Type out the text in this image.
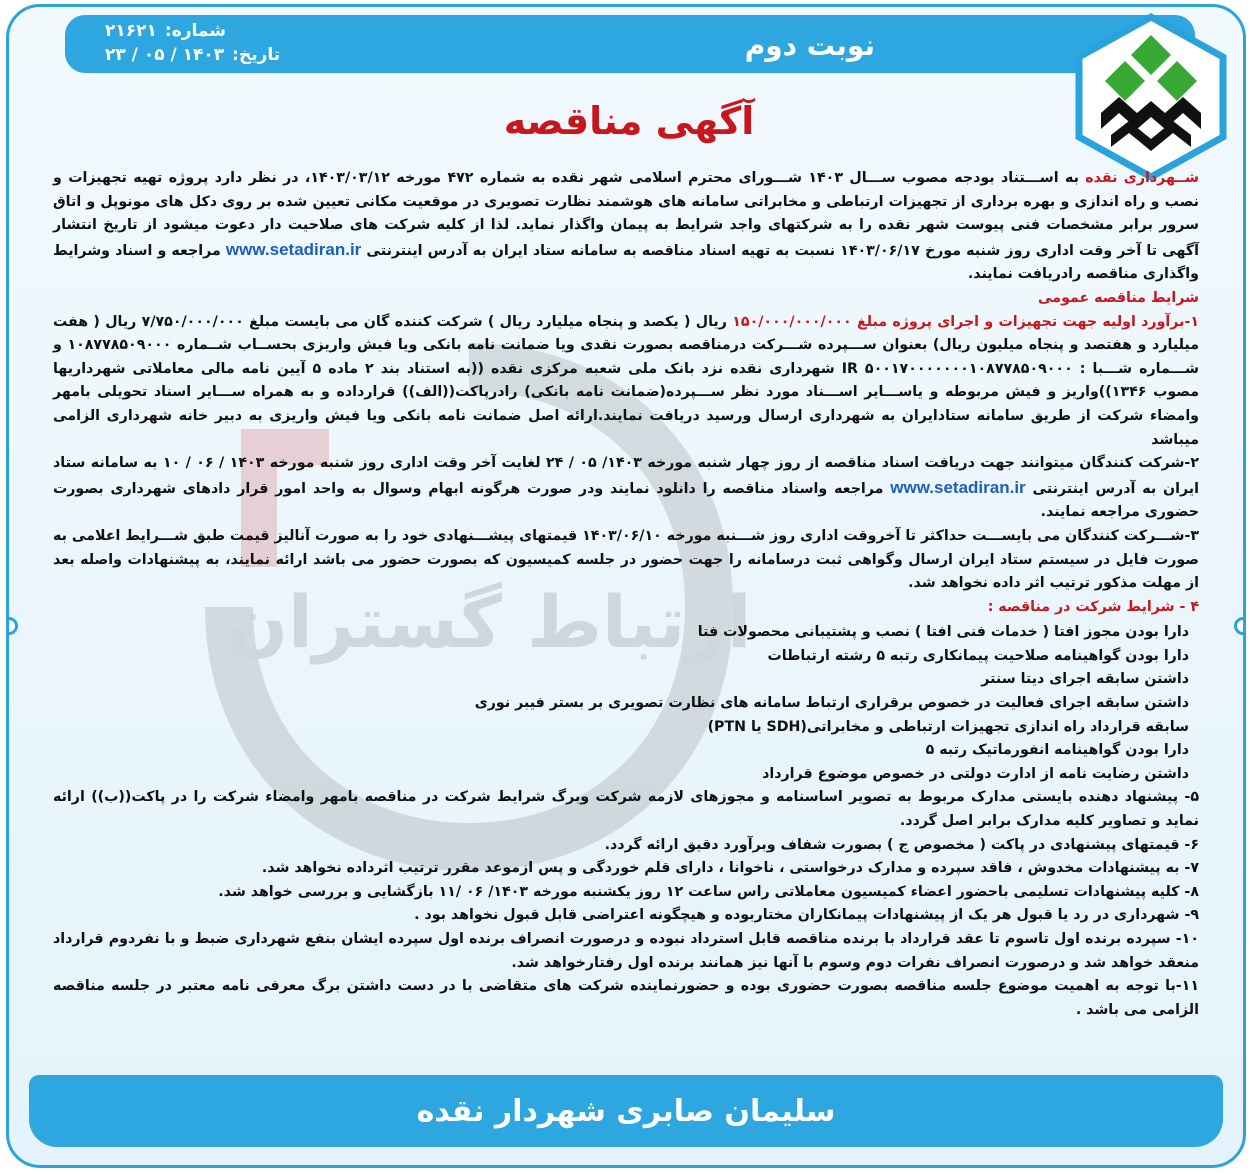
نوبت دوم
شماره:
۲۱۶۲۱
تاریخ:
۱۴۰۳ / ۰۵ / ۲۳
آگهی مناقصه
ارتباط گستران

شــهرداری نقده به اســـتناد بودجه مصوب ســـال ۱۴۰۳ شـــورای محترم اسلامی شهر نقده به شماره ۴۷۲ مورخه ۱۴۰۳/۰۳/۱۲، در نظر دارد پروژه تهیه تجهیزات و نصب و راه اندازی و بهره برداری از تجهیزات ارتباطی و مخابراتی سامانه های هوشمند نظارت تصویری در موقعیت مکانی تعیین شده بر روی دکل های مونوپل و اتاق سرور برابر مشخصات فنی پیوست شهر نقده را به شرکتهای واجد شرایط به پیمان واگذار نماید. لذا از کلیه شرکت های صلاحیت دار دعوت میشود از تاریخ انتشار آگهی تا آخر وقت اداری روز شنبه مورخ ۱۴۰۳/۰۶/۱۷ نسبت به تهیه اسناد مناقصه به سامانه ستاد ایران به آدرس اینترنتی www.setadiran.ir مراجعه و اسناد وشرایط واگذاری مناقصه رادریافت نمایند.

شرایط مناقصه عمومی

۱-برآورد اولیه جهت تجهیزات و اجرای پروژه مبلغ ۱۵۰/۰۰۰/۰۰۰/۰۰۰ ریال ( یکصد و پنجاه میلیارد ریال ) شرکت کننده گان می بایست مبلغ ۷/۷۵۰/۰۰۰/۰۰۰ ریال ( هفت میلیارد و هفتصد و پنجاه میلیون ریال) بعنوان ســـپرده شـــرکت درمناقصه بصورت نقدی ویا ضمانت نامه بانکی ویا فیش واریزی بحســاب شــماره ۱۰۸۷۷۸۵۰۹۰۰۰ و شـــماره شـــبا : IR ۵۰۰۱۷۰۰۰۰۰۰۰۱۰۸۷۷۸۵۰۹۰۰۰ شهرداری نقده نزد بانک ملی شعبه مرکزی نقده ((به استناد بند ۲ ماده ۵ آیین نامه مالی معاملاتی شهرداریها مصوب ۱۳۴۶))واریز و فیش مربوطه و یاســـایر اســـناد مورد نظر ســـپرده(ضمانت نامه بانکی) رادرپاکت((الف)) قرارداده و به همراه ســـایر اسناد تحویلی بامهر وامضاء شرکت از طریق سامانه ستادایران به شهرداری ارسال ورسید دریافت نمایند.ارائه اصل ضمانت نامه بانکی ویا فیش واریزی به دبیر خانه شهرداری الزامی میباشد

۲-شرکت کنندگان میتوانند جهت دریافت اسناد مناقصه از روز چهار شنبه مورخه ۱۴۰۳/ ۰۵ / ۲۴ لغایت آخر وقت اداری روز شنبه مورخه ۱۴۰۳ / ۰۶ / ۱۰ به سامانه ستاد ایران به آدرس اینترنتی www.setadiran.ir مراجعه واسناد مناقصه را دانلود نمایند ودر صورت هرگونه ابهام وسوال به واحد امور قرار دادهای شهرداری بصورت حضوری مراجعه نمایند.

۳-شـــرکت کنندگان می بایســـت حداکثر تا آخروقت اداری روز شـــنبه مورخه ۱۴۰۳/۰۶/۱۰ قیمتهای پیشـــنهادی خود را به صورت آنالیز قیمت طبق شـــرایط اعلامی به صورت فایل در سیستم ستاد ایران ارسال وگواهی ثبت درسامانه را جهت حضور در جلسه کمیسیون که بصورت حضور می باشد ارائه نمایند، به پیشنهادات واصله بعد از مهلت مذکور ترتیب اثر داده نخواهد شد.

۴ - شرایط شرکت در مناقصه :

دارا بودن مجوز افتا ( خدمات فنی افتا ) نصب و پشتیبانی محصولات فتا

دارا بودن گواهینامه صلاحیت پیمانکاری رتبه ۵ رشته ارتباطات

داشتن سابقه اجرای دیتا سنتر

داشتن سابقه اجرای فعالیت در خصوص برقراری ارتباط سامانه های نظارت تصویری بر بستر فیبر نوری

سابقه قرارداد راه اندازی تجهیزات ارتباطی و مخابراتی(SDH یا PTN)

دارا بودن گواهینامه انفورماتیک رتبه ۵

داشتن رضایت نامه از ادارت دولتی در خصوص موضوع قرارداد

۵- پیشنهاد دهنده بایستی مدارک مربوط به تصویر اساسنامه و مجوزهای لازمه شرکت وبرگ شرایط شرکت در مناقصه بامهر وامضاء شرکت را در پاکت((ب)) ارائه نماید و تصاویر کلیه مدارک برابر اصل گردد.

۶- قیمتهای پیشنهادی در پاکت ( مخصوص ج ) بصورت شفاف وبرآورد دقیق ارائه گردد.

۷- به پیشنهادات مخدوش ، فاقد سپرده و مدارک درخواستی ، ناخوانا ، دارای قلم خوردگی و پس ازموعد مقرر ترتیب اثرداده نخواهد شد.

۸- کلیه پیشنهادات تسلیمی باحضور اعضاء کمیسیون معاملاتی راس ساعت ۱۲ روز یکشنبه مورخه ۱۴۰۳/ ۰۶ /۱۱ بازگشایی و بررسی خواهد شد.

۹- شهرداری در رد یا قبول هر یک از پیشنهادات پیمانکاران مختاربوده و هیچگونه اعتراضی قابل قبول نخواهد بود .

۱۰- سپرده برنده اول تاسوم تا عقد قرارداد با برنده مناقصه قابل استرداد نبوده و درصورت انصراف برنده اول سپرده ایشان بنفع شهرداری ضبط و با نفردوم قرارداد منعقد خواهد شد و درصورت انصراف نفرات دوم وسوم با آنها نیز همانند برنده اول رفتارخواهد شد.

۱۱-با توجه به اهمیت موضوع جلسه مناقصه بصورت حضوری بوده و حضورنماینده شرکت های متقاضی با در دست داشتن برگ معرفی نامه معتبر در جلسه مناقصه الزامی می باشد .

سلیمان صابری شهردار نقده
